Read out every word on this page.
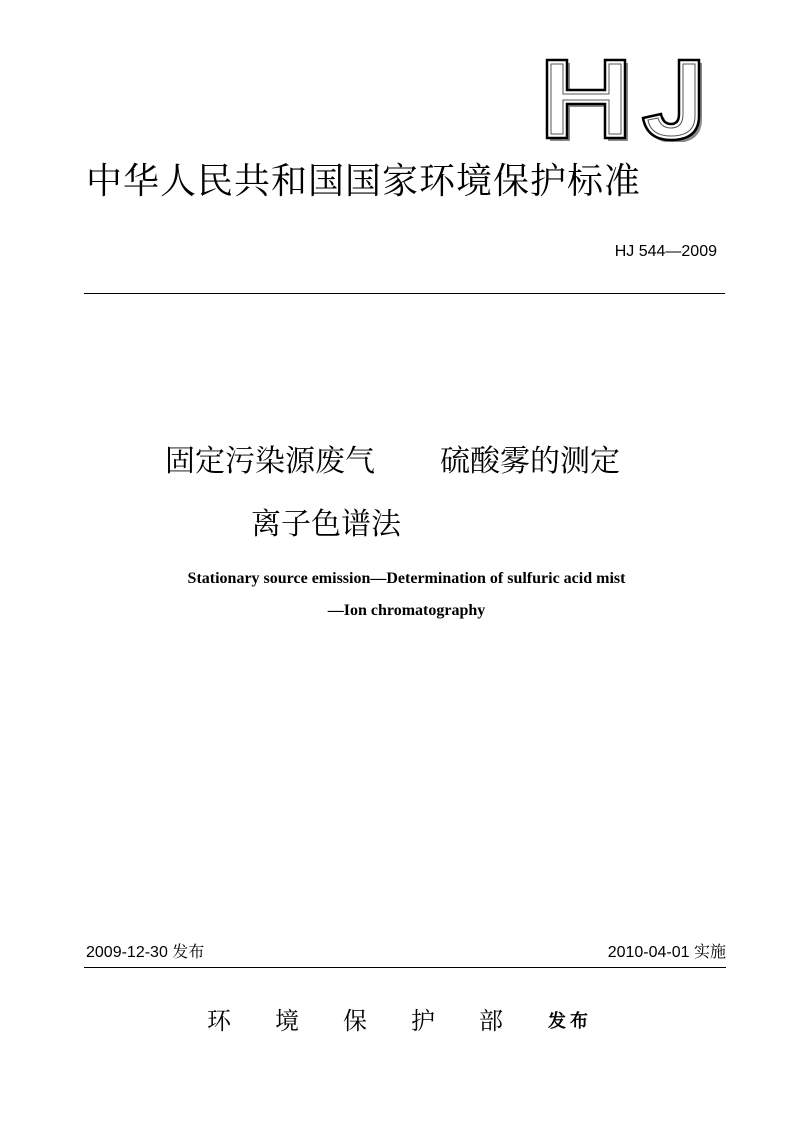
HJ
中华人民共和国国家环境保护标准
HJ 544—2009
固定污染源废气 硫酸雾的测定
离子色谱法
Stationary source emission—Determination of sulfuric acid mist
—Ion chromatography
2009-12-30 发布	2010-04-01 实施
环 境 保 护 部	发布
